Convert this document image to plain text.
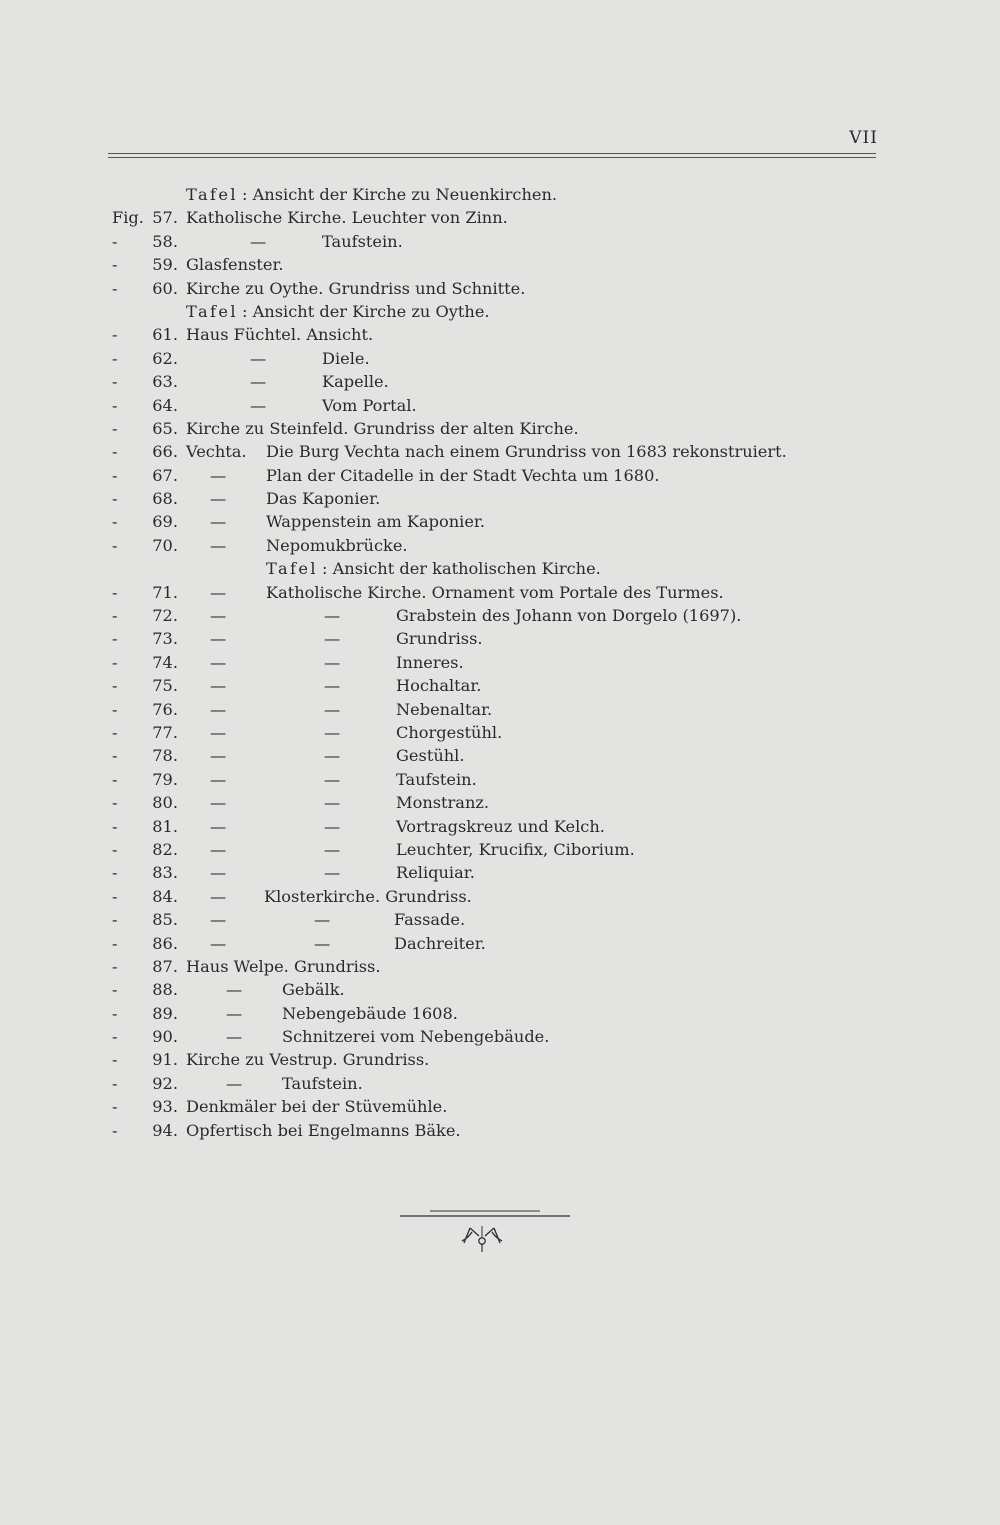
VII
Tafel : Ansicht der Kirche zu Neuenkirchen.
Fig. 57. Katholische Kirche. Leuchter von Zinn.
-	58.	—	Taufstein.
-	59. Glasfenster.
-	60. Kirche zu Oythe. Grundriss und Schnitte.
Tafel : Ansicht der Kirche zu Oythe.
-	61. Haus Füchtel. Ansicht.
-	62.	—	Diele.
-	63.	—	Kapelle.
-	64.	—	Vom Portal.
-	65. Kirche zu Steinfeld. Grundriss der alten Kirche.
-	66. Vechta. Die Burg Vechta nach einem Grundriss von 1683 rekonstruiert.
-	67. — Plan der Citadelle in der Stadt Vechta um 1680.
-	68. — Das Kaponier.
-	69. — Wappenstein am Kaponier.
-	70. — Nepomukbrücke.
Tafel : Ansicht der katholischen Kirche.
-	71. — Katholische Kirche. Ornament vom Portale des Turmes.
-	72. —	—	Grabstein des Johann von Dorgelo (1697).
-	73. —	—	Grundriss.
-	74. —	—	Inneres.
-	75. —	—	Hochaltar.
-	76. —	—	Nebenaltar.
-	77. —	—	Chorgestühl.
-	78. —	—	Gestühl.
-	79. —	—	Taufstein.
-	80. —	—	Monstranz.
-	81. —	—	Vortragskreuz und Kelch.
-	82. —	—	Leuchter, Krucifix, Ciborium.
-	83. —	—	Reliquiar.
-	84. — Klosterkirche. Grundriss.
-	85. —	—	Fassade.
-	86. —	—	Dachreiter.
-	87. Haus Welpe. Grundriss.
-	88.	— Gebälk.
-	89.	— Nebengebäude 1608.
-	90.	— Schnitzerei vom Nebengebäude.
-	91. Kirche zu Vestrup. Grundriss.
-	92.	— Taufstein.
-	93. Denkmäler bei der Stüvemühle.
-	94. Opfertisch bei Engelmanns Bäke.
